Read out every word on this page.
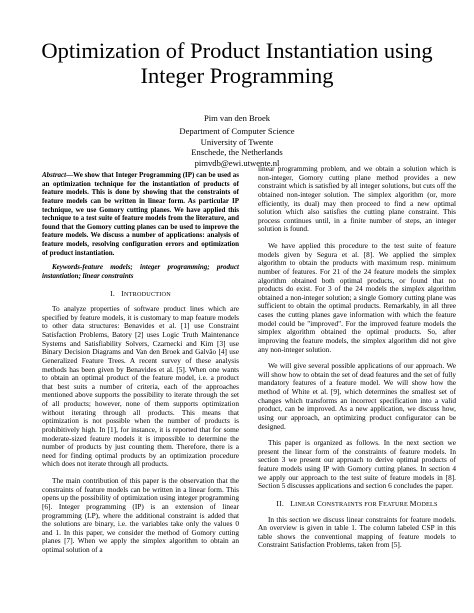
Optimization of Product Instantiation using Integer Programming
Pim van den Broek
Department of Computer Science
University of Twente
Enschede, the Netherlands
pimvdb@ewi.utwente.nl

Abstract—We show that Integer Programming (IP) can be used as an optimization technique for the instantiation of products of feature models. This is done by showing that the constraints of feature models can be written in linear form. As particular IP technique, we use Gomory cutting planes. We have applied this technique to a test suite of feature models from the literature, and found that the Gomory cutting planes can be used to improve the feature models. We discuss a number of applications: analysis of feature models, resolving configuration errors and optimization of product instantiation.

Keywords-feature models; integer programming; product instantiation; linear constraints

I. INTRODUCTION

To analyze properties of software product lines which are specified by feature models, it is customary to map feature models to other data structures: Benavides et al. [1] use Constraint Satisfaction Problems, Batory [2] uses Logic Truth Maintenance Systems and Satisfiability Solvers, Czarnecki and Kim [3] use Binary Decision Diagrams and Van den Broek and Galvão [4] use Generalized Feature Trees. A recent survey of these analysis methods has been given by Benavides et al. [5]. When one wants to obtain an optimal product of the feature model, i.e. a product that best suits a number of criteria, each of the approaches mentioned above supports the possibility to iterate through the set of all products; however, none of them supports optimization without iterating through all products. This means that optimization is not possible when the number of products is prohibitively high. In [1], for instance, it is reported that for some moderate-sized feature models it is impossible to determine the number of products by just counting them. Therefore, there is a need for finding optimal products by an optimization procedure which does not iterate through all products.

The main contribution of this paper is the observation that the constraints of feature models can be written in a linear form. This opens up the possibility of optimization using integer programming [6]. Integer programming (IP) is an extension of linear programming (LP), where the additional constraint is added that the solutions are binary, i.e. the variables take only the values 0 and 1. In this paper, we consider the method of Gomory cutting planes [7]. When we apply the simplex algorithm to obtain an optimal solution of a

linear programming problem, and we obtain a solution which is non-integer, Gomory cutting plane method provides a new constraint which is satisfied by all integer solutions, but cuts off the obtained non-integer solution. The simplex algorithm (or, more efficiently, its dual) may then proceed to find a new optimal solution which also satisfies the cutting plane constraint. This process continues until, in a finite number of steps, an integer solution is found.

We have applied this procedure to the test suite of feature models given by Segura et al. [8]. We applied the simplex algorithm to obtain the products with maximum resp. minimum number of features. For 21 of the 24 feature models the simplex algorithm obtained both optimal products, or found that no products do exist. For 3 of the 24 models the simplex algorithm obtained a non-integer solution; a single Gomory cutting plane was sufficient to obtain the optimal products. Remarkably, in all three cases the cutting planes gave information with which the feature model could be "improved". For the improved feature models the simplex algorithm obtained the optimal products. So, after improving the feature models, the simplex algorithm did not give any non-integer solution.

We will give several possible applications of our approach. We will show how to obtain the set of dead features and the set of fully mandatory features of a feature model. We will show how the method of White et al. [9], which determines the smallest set of changes which transforms an incorrect specification into a valid product, can be improved. As a new application, we discuss how, using our approach, an optimizing product configurator can be designed.

This paper is organized as follows. In the next section we present the linear form of the constraints of feature models. In section 3 we present our approach to derive optimal products of feature models using IP with Gomory cutting planes. In section 4 we apply our approach to the test suite of feature models in [8]. Section 5 discusses applications and section 6 concludes the paper.

II. LINEAR CONSTRAINTS FOR FEATURE MODELS

In this section we discuss linear constraints for feature models. An overview is given in table 1. The column labeled CSP in this table shows the conventional mapping of feature models to Constraint Satisfaction Problems, taken from [5].
